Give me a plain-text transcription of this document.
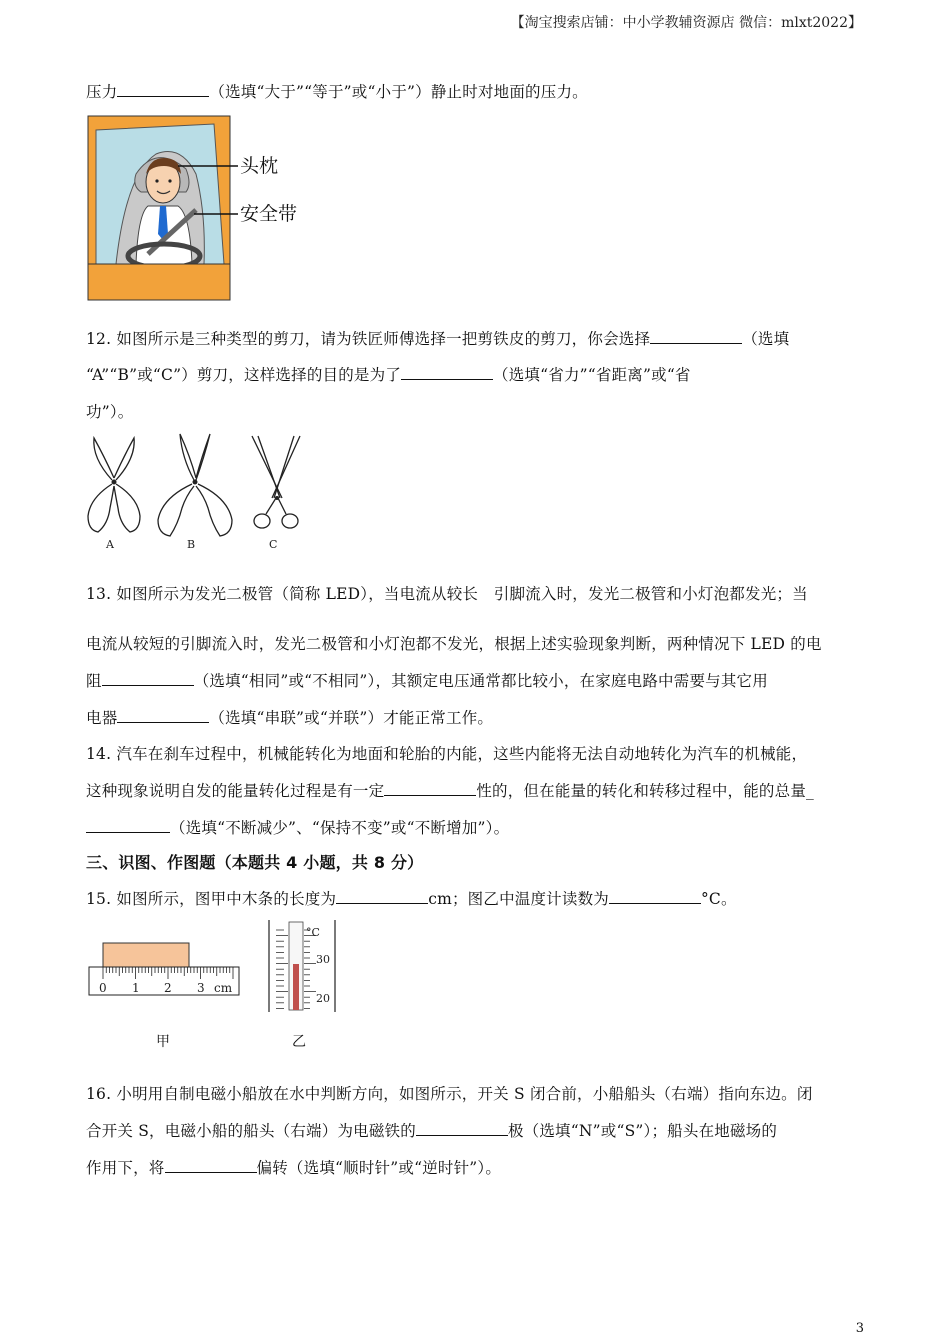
【淘宝搜索店铺：中小学教辅资源店 微信：mlxt2022】
压力	（选填“大于”“等于”或“小于”）静止时对地面的压力。
头枕
安全带
12. 如图所示是三种类型的剪刀，请为铁匠师傅选择一把剪铁皮的剪刀，你会选择	（选填
“A”“B”或“C”）剪刀，这样选择的目的是为了	（选填“省力”“省距离”或“省
功”）。
A	B	C
13. 如图所示为发光二极管（简称 LED），当电流从较长　引脚流入时，发光二极管和小灯泡都发光；当
电流从较短的引脚流入时，发光二极管和小灯泡都不发光，根据上述实验现象判断，两种情况下 LED 的电
阻	（选填“相同”或“不相同”），其额定电压通常都比较小，在家庭电路中需要与其它用
电器	（选填“串联”或“并联”）才能正常工作。
14. 汽车在刹车过程中，机械能转化为地面和轮胎的内能，这些内能将无法自动地转化为汽车的机械能，
这种现象说明自发的能量转化过程是有一定	性的，但在能量的转化和转移过程中，能的总量_
（选填“不断减少”、“保持不变”或“不断增加”）。
三、识图、作图题（本题共 4 小题，共 8 分）
15. 如图所示，图甲中木条的长度为	cm；图乙中温度计读数为	°C。
0 1 2 3 cm
°C
30
20
甲	乙
16. 小明用自制电磁小船放在水中判断方向，如图所示，开关 S 闭合前，小船船头（右端）指向东边。闭
合开关 S，电磁小船的船头（右端）为电磁铁的	极（选填“N”或“S”）；船头在地磁场的
作用下，将	偏转（选填“顺时针”或“逆时针”）。
3
